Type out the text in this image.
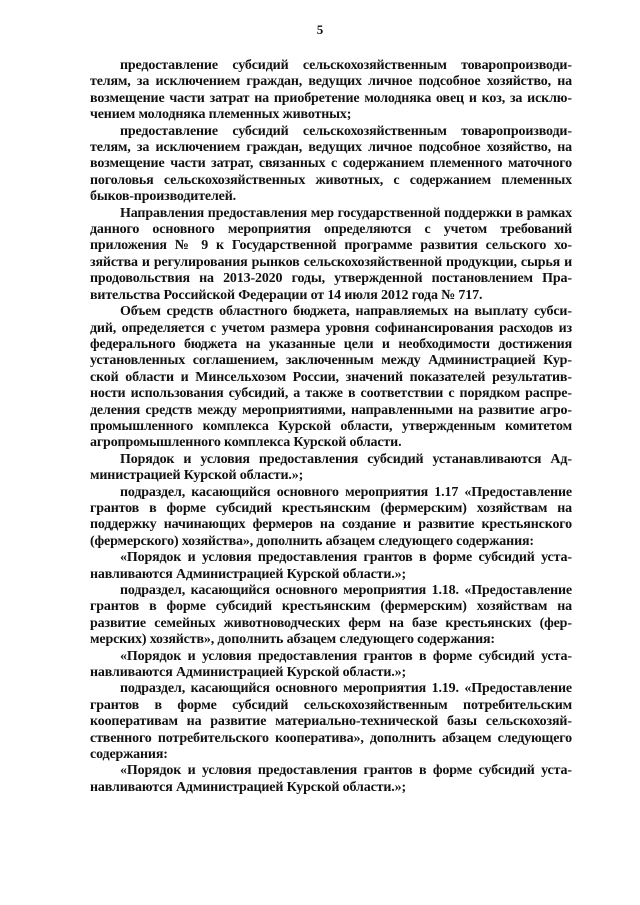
5

предоставление субсидий сельскохозяйственным товаропроизводителям, за исключением граждан, ведущих личное подсобное хозяйство, на возмещение части затрат на приобретение молодняка овец и коз, за исключением молодняка племенных животных;

предоставление субсидий сельскохозяйственным товаропроизводителям, за исключением граждан, ведущих личное подсобное хозяйство, на возмещение части затрат, связанных с содержанием племенного маточного поголовья сельскохозяйственных животных, с содержанием племенных быков-производителей.

Направления предоставления мер государственной поддержки в рамках данного основного мероприятия определяются с учетом требований приложения № 9 к Государственной программе развития сельского хозяйства и регулирования рынков сельскохозяйственной продукции, сырья и продовольствия на 2013-2020 годы, утвержденной постановлением Правительства Российской Федерации от 14 июля 2012 года № 717.

Объем средств областного бюджета, направляемых на выплату субсидий, определяется с учетом размера уровня софинансирования расходов из федерального бюджета на указанные цели и необходимости достижения установленных соглашением, заключенным между Администрацией Курской области и Минсельхозом России, значений показателей результативности использования субсидий, а также в соответствии с порядком распределения средств между мероприятиями, направленными на развитие агропромышленного комплекса Курской области, утвержденным комитетом агропромышленного комплекса Курской области.

Порядок и условия предоставления субсидий устанавливаются Администрацией Курской области.»;

подраздел, касающийся основного мероприятия 1.17 «Предоставление грантов в форме субсидий крестьянским (фермерским) хозяйствам на поддержку начинающих фермеров на создание и развитие крестьянского (фермерского) хозяйства», дополнить абзацем следующего содержания:

«Порядок и условия предоставления грантов в форме субсидий устанавливаются Администрацией Курской области.»;

подраздел, касающийся основного мероприятия 1.18. «Предоставление грантов в форме субсидий крестьянским (фермерским) хозяйствам на развитие семейных животноводческих ферм на базе крестьянских (фермерских) хозяйств», дополнить абзацем следующего содержания:

«Порядок и условия предоставления грантов в форме субсидий устанавливаются Администрацией Курской области.»;

подраздел, касающийся основного мероприятия 1.19. «Предоставление грантов в форме субсидий сельскохозяйственным потребительским кооперативам на развитие материально-технической базы сельскохозяйственного потребительского кооператива», дополнить абзацем следующего содержания:

«Порядок и условия предоставления грантов в форме субсидий устанавливаются Администрацией Курской области.»;
